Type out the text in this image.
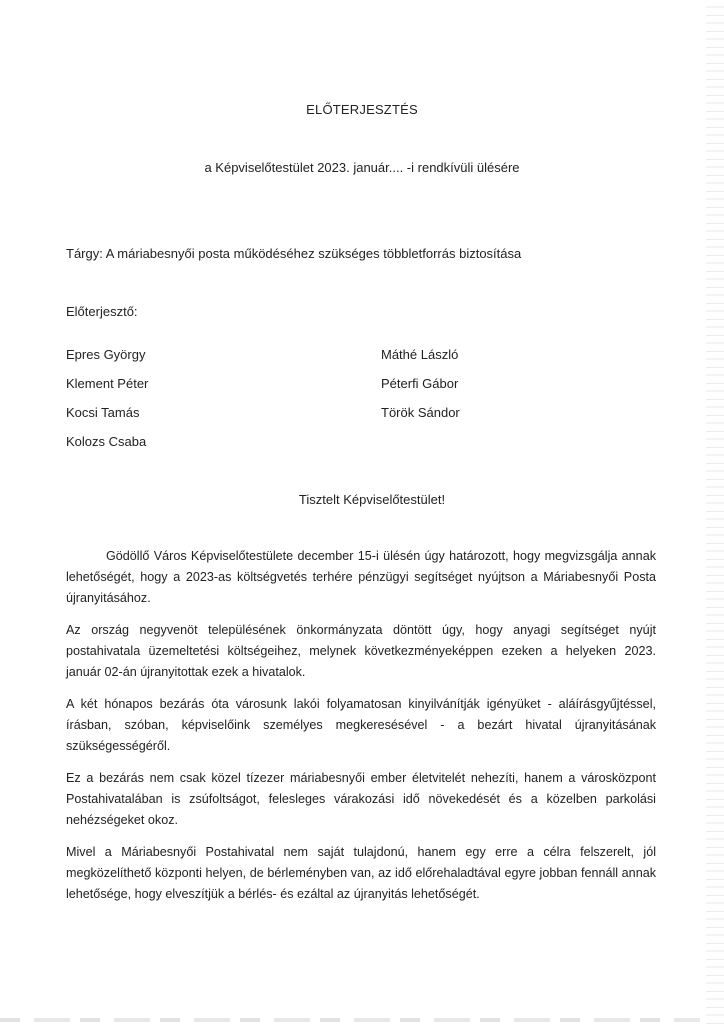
ELŐTERJESZTÉS
a Képviselőtestület 2023. január.... -i rendkívüli ülésére
Tárgy: A máriabesnyői posta működéséhez szükséges többletforrás biztosítása
Előterjesztő:
Epres György
Klement Péter
Kocsi Tamás
Kolozs Csaba
Máthé László
Péterfi Gábor
Török Sándor
Tisztelt Képviselőtestület!

Gödöllő Város Képviselőtestülete december 15-i ülésén úgy határozott, hogy megvizsgálja annak lehetőségét, hogy a 2023-as költségvetés terhére pénzügyi segítséget nyújtson a Máriabesnyői Posta újranyitásához.

Az ország negyvenöt településének önkormányzata döntött úgy, hogy anyagi segítséget nyújt postahivatala üzemeltetési költségeihez, melynek következményeképpen ezeken a helyeken 2023. január 02-án újranyitottak ezek a hivatalok.

A két hónapos bezárás óta városunk lakói folyamatosan kinyilvánítják igényüket - aláírásgyűjtéssel, írásban, szóban, képviselőink személyes megkeresésével - a bezárt hivatal újranyitásának szükségességéről.

Ez a bezárás nem csak közel tízezer máriabesnyői ember életvitelét nehezíti, hanem a városközpont Postahivatalában is zsúfoltságot, felesleges várakozási idő növekedését és a közelben parkolási nehézségeket okoz.

Mivel a Máriabesnyői Postahivatal nem saját tulajdonú, hanem egy erre a célra felszerelt, jól megközelíthető központi helyen, de bérleményben van, az idő előrehaladtával egyre jobban fennáll annak lehetősége, hogy elveszítjük a bérlés- és ezáltal az újranyitás lehetőségét.
